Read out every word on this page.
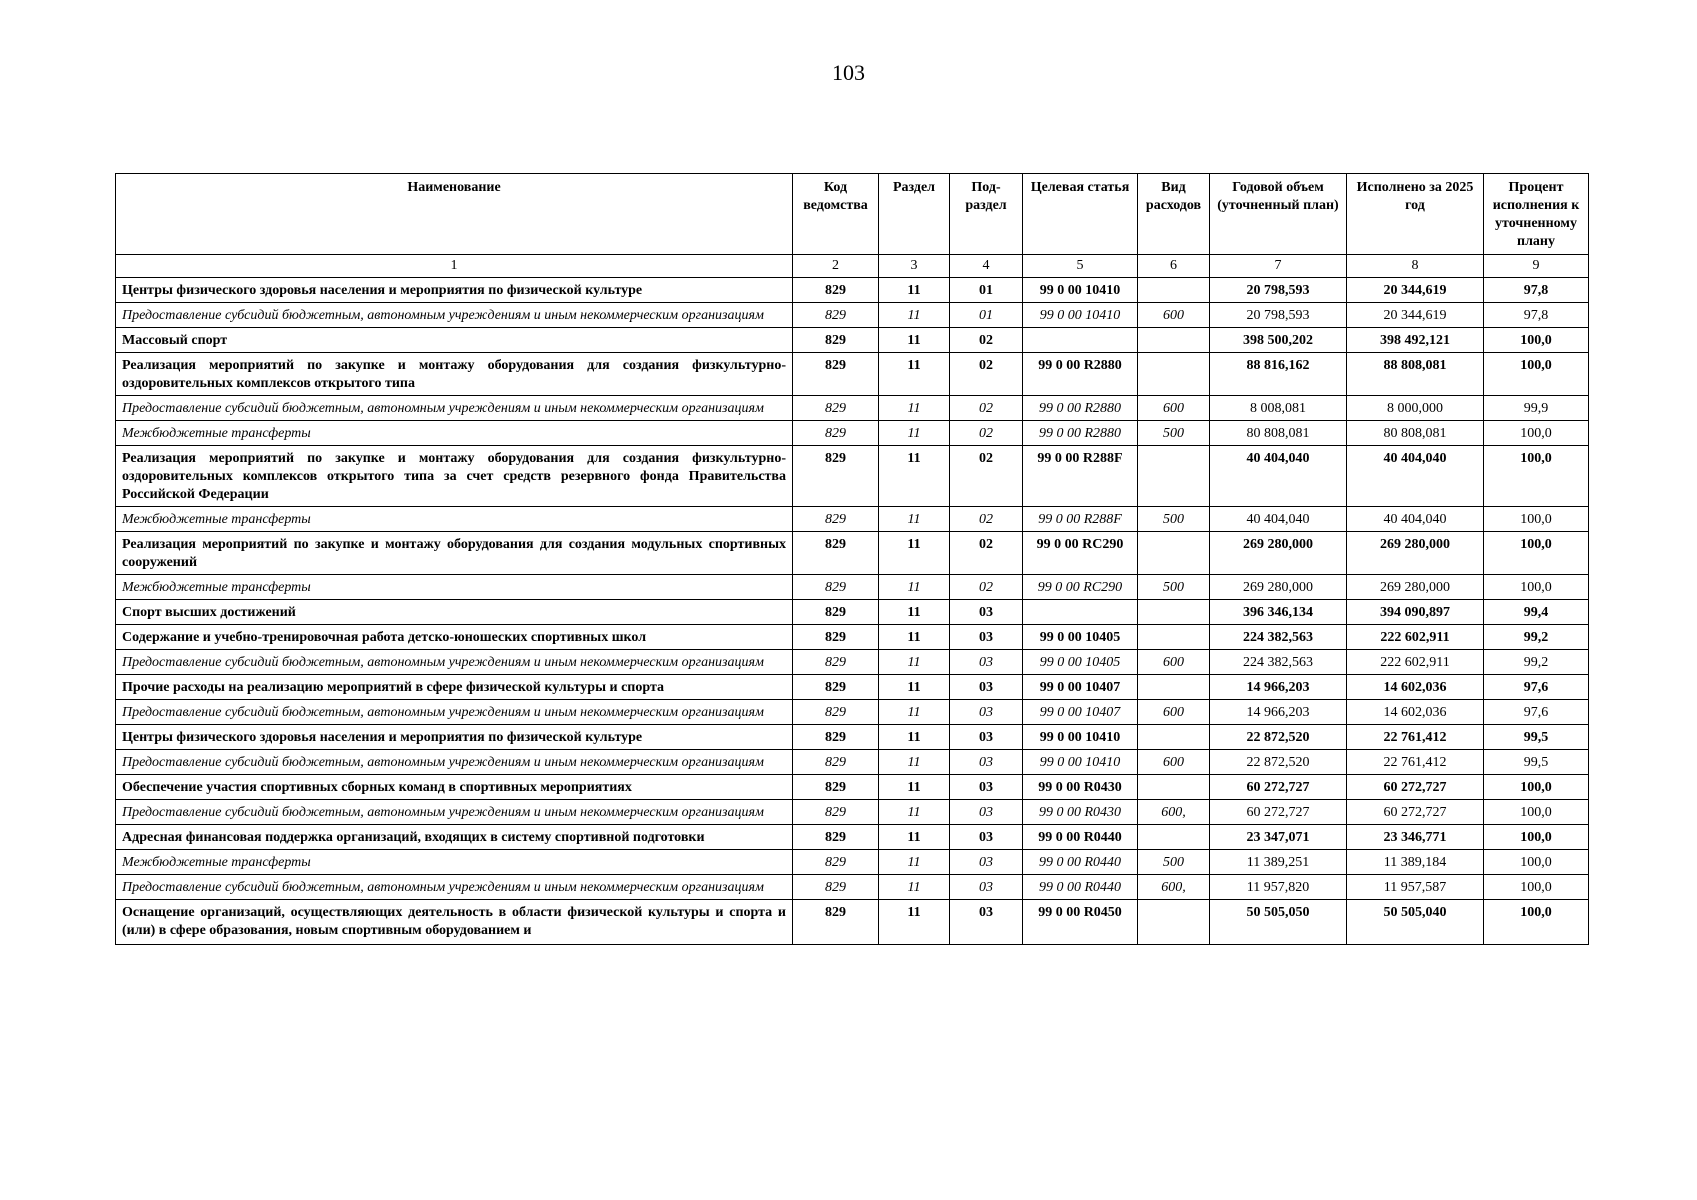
103
Наименование	Код ведомства	Раздел	Под-раздел	Целевая статья	Вид расходов	Годовой объем (уточненный план)	Исполнено за 2025 год	Процент исполнения к уточненному плану
1	2	3	4	5	6	7	8	9
Центры физического здоровья населения и мероприятия по физической культуре	829	11	01	99 0 00 10410		20 798,593	20 344,619	97,8
Предоставление субсидий бюджетным, автономным учреждениям и иным некоммерческим организациям	829	11	01	99 0 00 10410	600	20 798,593	20 344,619	97,8
Массовый спорт	829	11	02			398 500,202	398 492,121	100,0
Реализация мероприятий по закупке и монтажу оборудования для создания физкультурно-оздоровительных комплексов открытого типа	829	11	02	99 0 00 R2880		88 816,162	88 808,081	100,0
Предоставление субсидий бюджетным, автономным учреждениям и иным некоммерческим организациям	829	11	02	99 0 00 R2880	600	8 008,081	8 000,000	99,9
Межбюджетные трансферты	829	11	02	99 0 00 R2880	500	80 808,081	80 808,081	100,0
Реализация мероприятий по закупке и монтажу оборудования для создания физкультурно-оздоровительных комплексов открытого типа за счет средств резервного фонда Правительства Российской Федерации	829	11	02	99 0 00 R288F		40 404,040	40 404,040	100,0
Межбюджетные трансферты	829	11	02	99 0 00 R288F	500	40 404,040	40 404,040	100,0
Реализация мероприятий по закупке и монтажу оборудования для создания модульных спортивных сооружений	829	11	02	99 0 00 RC290		269 280,000	269 280,000	100,0
Межбюджетные трансферты	829	11	02	99 0 00 RC290	500	269 280,000	269 280,000	100,0
Спорт высших достижений	829	11	03			396 346,134	394 090,897	99,4
Содержание и учебно-тренировочная работа детско-юношеских спортивных школ	829	11	03	99 0 00 10405		224 382,563	222 602,911	99,2
Предоставление субсидий бюджетным, автономным учреждениям и иным некоммерческим организациям	829	11	03	99 0 00 10405	600	224 382,563	222 602,911	99,2
Прочие расходы на реализацию мероприятий в сфере физической культуры и спорта	829	11	03	99 0 00 10407		14 966,203	14 602,036	97,6
Предоставление субсидий бюджетным, автономным учреждениям и иным некоммерческим организациям	829	11	03	99 0 00 10407	600	14 966,203	14 602,036	97,6
Центры физического здоровья населения и мероприятия по физической культуре	829	11	03	99 0 00 10410		22 872,520	22 761,412	99,5
Предоставление субсидий бюджетным, автономным учреждениям и иным некоммерческим организациям	829	11	03	99 0 00 10410	600	22 872,520	22 761,412	99,5
Обеспечение участия спортивных сборных команд в спортивных мероприятиях	829	11	03	99 0 00 R0430		60 272,727	60 272,727	100,0
Предоставление субсидий бюджетным, автономным учреждениям и иным некоммерческим организациям	829	11	03	99 0 00 R0430	600,	60 272,727	60 272,727	100,0
Адресная финансовая поддержка организаций, входящих в систему спортивной подготовки	829	11	03	99 0 00 R0440		23 347,071	23 346,771	100,0
Межбюджетные трансферты	829	11	03	99 0 00 R0440	500	11 389,251	11 389,184	100,0
Предоставление субсидий бюджетным, автономным учреждениям и иным некоммерческим организациям	829	11	03	99 0 00 R0440	600,	11 957,820	11 957,587	100,0

Оснащение организаций, осуществляющих деятельность в области физической культуры и спорта и (или) в сфере образования, новым спортивным оборудованием и	829	11	03	99 0 00 R0450		50 505,050	50 505,040	100,0
